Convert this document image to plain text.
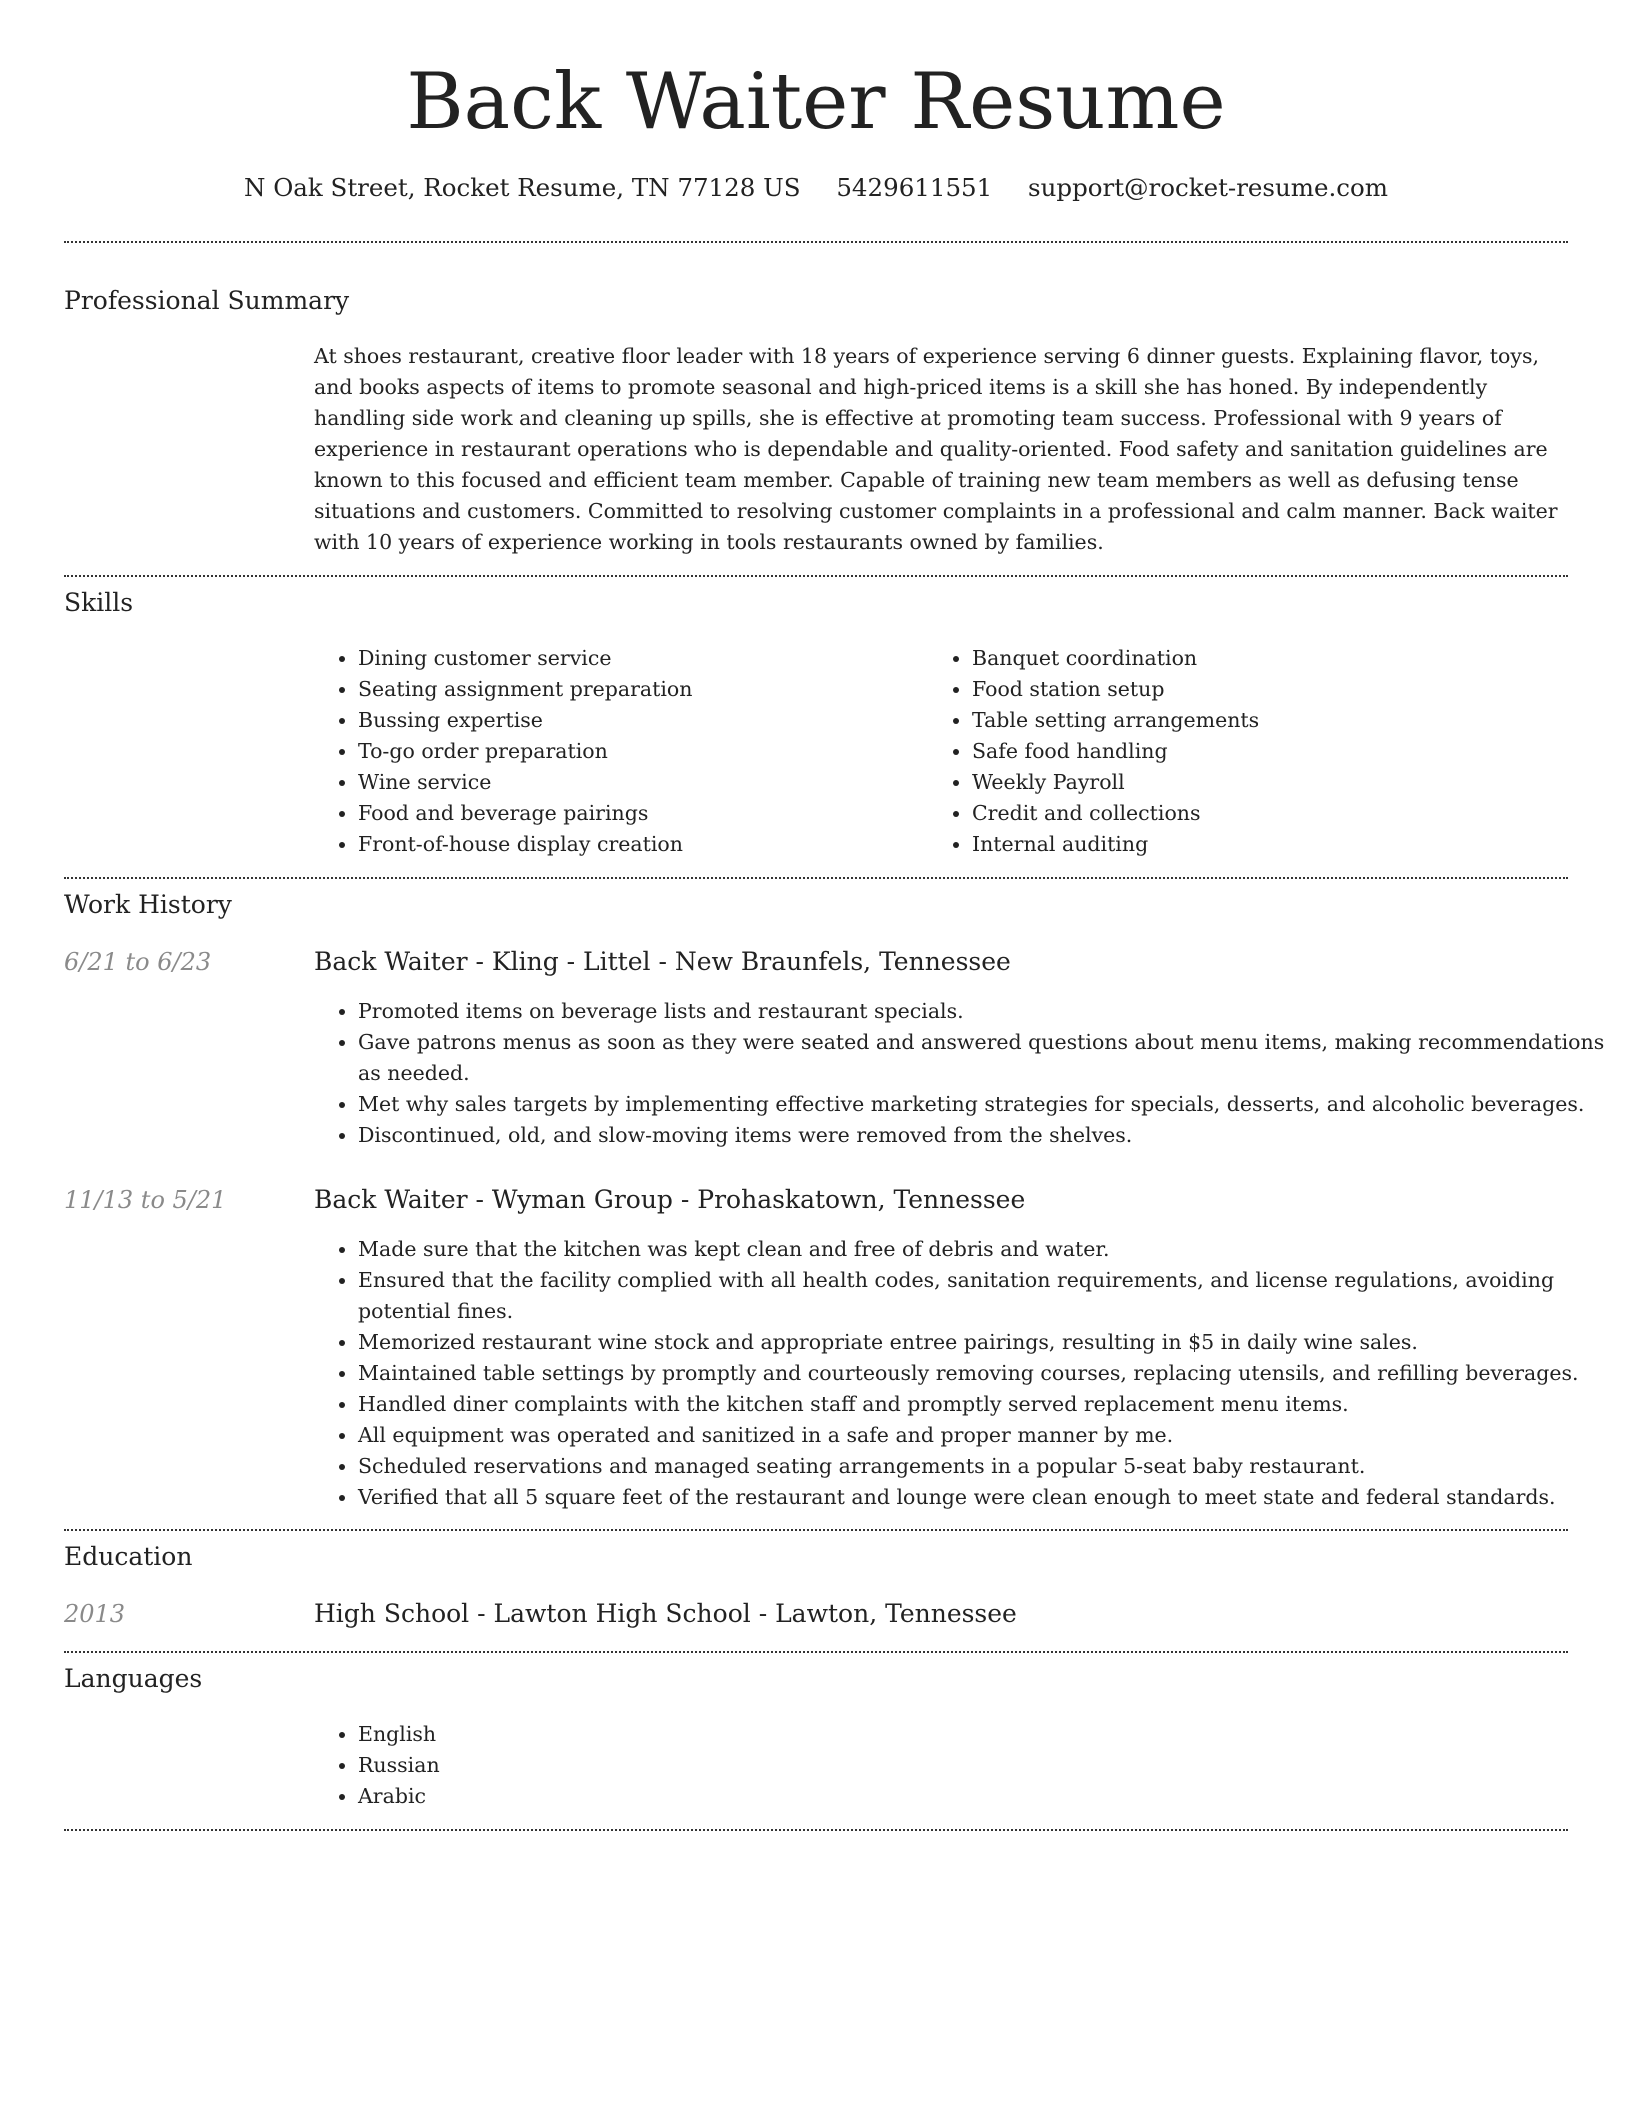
Back Waiter Resume
N Oak Street, Rocket Resume, TN 77128 US 5429611551 support@rocket-resume.com
Professional Summary

At shoes restaurant, creative floor leader with 18 years of experience serving 6 dinner guests. Explaining flavor, toys, and books aspects of items to promote seasonal and high-priced items is a skill she has honed. By independently handling side work and cleaning up spills, she is effective at promoting team success. Professional with 9 years of experience in restaurant operations who is dependable and quality-oriented. Food safety and sanitation guidelines are known to this focused and efficient team member. Capable of training new team members as well as defusing tense situations and customers. Committed to resolving customer complaints in a professional and calm manner. Back waiter with 10 years of experience working in tools restaurants owned by families.

Skills
• Dining customer service
• Seating assignment preparation
• Bussing expertise
• To-go order preparation
• Wine service
• Food and beverage pairings
• Front-of-house display creation
• Banquet coordination
• Food station setup
• Table setting arrangements
• Safe food handling
• Weekly Payroll
• Credit and collections
• Internal auditing
Work History
6/21 to 6/23	Back Waiter - Kling - Littel - New Braunfels, Tennessee
• Promoted items on beverage lists and restaurant specials.
• Gave patrons menus as soon as they were seated and answered questions about menu items, making recommendations as needed.
• Met why sales targets by implementing effective marketing strategies for specials, desserts, and alcoholic beverages.
• Discontinued, old, and slow-moving items were removed from the shelves.
11/13 to 5/21	Back Waiter - Wyman Group - Prohaskatown, Tennessee
• Made sure that the kitchen was kept clean and free of debris and water.
• Ensured that the facility complied with all health codes, sanitation requirements, and license regulations, avoiding potential fines.
• Memorized restaurant wine stock and appropriate entree pairings, resulting in $5 in daily wine sales.
• Maintained table settings by promptly and courteously removing courses, replacing utensils, and refilling beverages.
• Handled diner complaints with the kitchen staff and promptly served replacement menu items.
• All equipment was operated and sanitized in a safe and proper manner by me.
• Scheduled reservations and managed seating arrangements in a popular 5-seat baby restaurant.
• Verified that all 5 square feet of the restaurant and lounge were clean enough to meet state and federal standards.
Education
2013	High School - Lawton High School - Lawton, Tennessee
Languages
• English
• Russian
• Arabic
